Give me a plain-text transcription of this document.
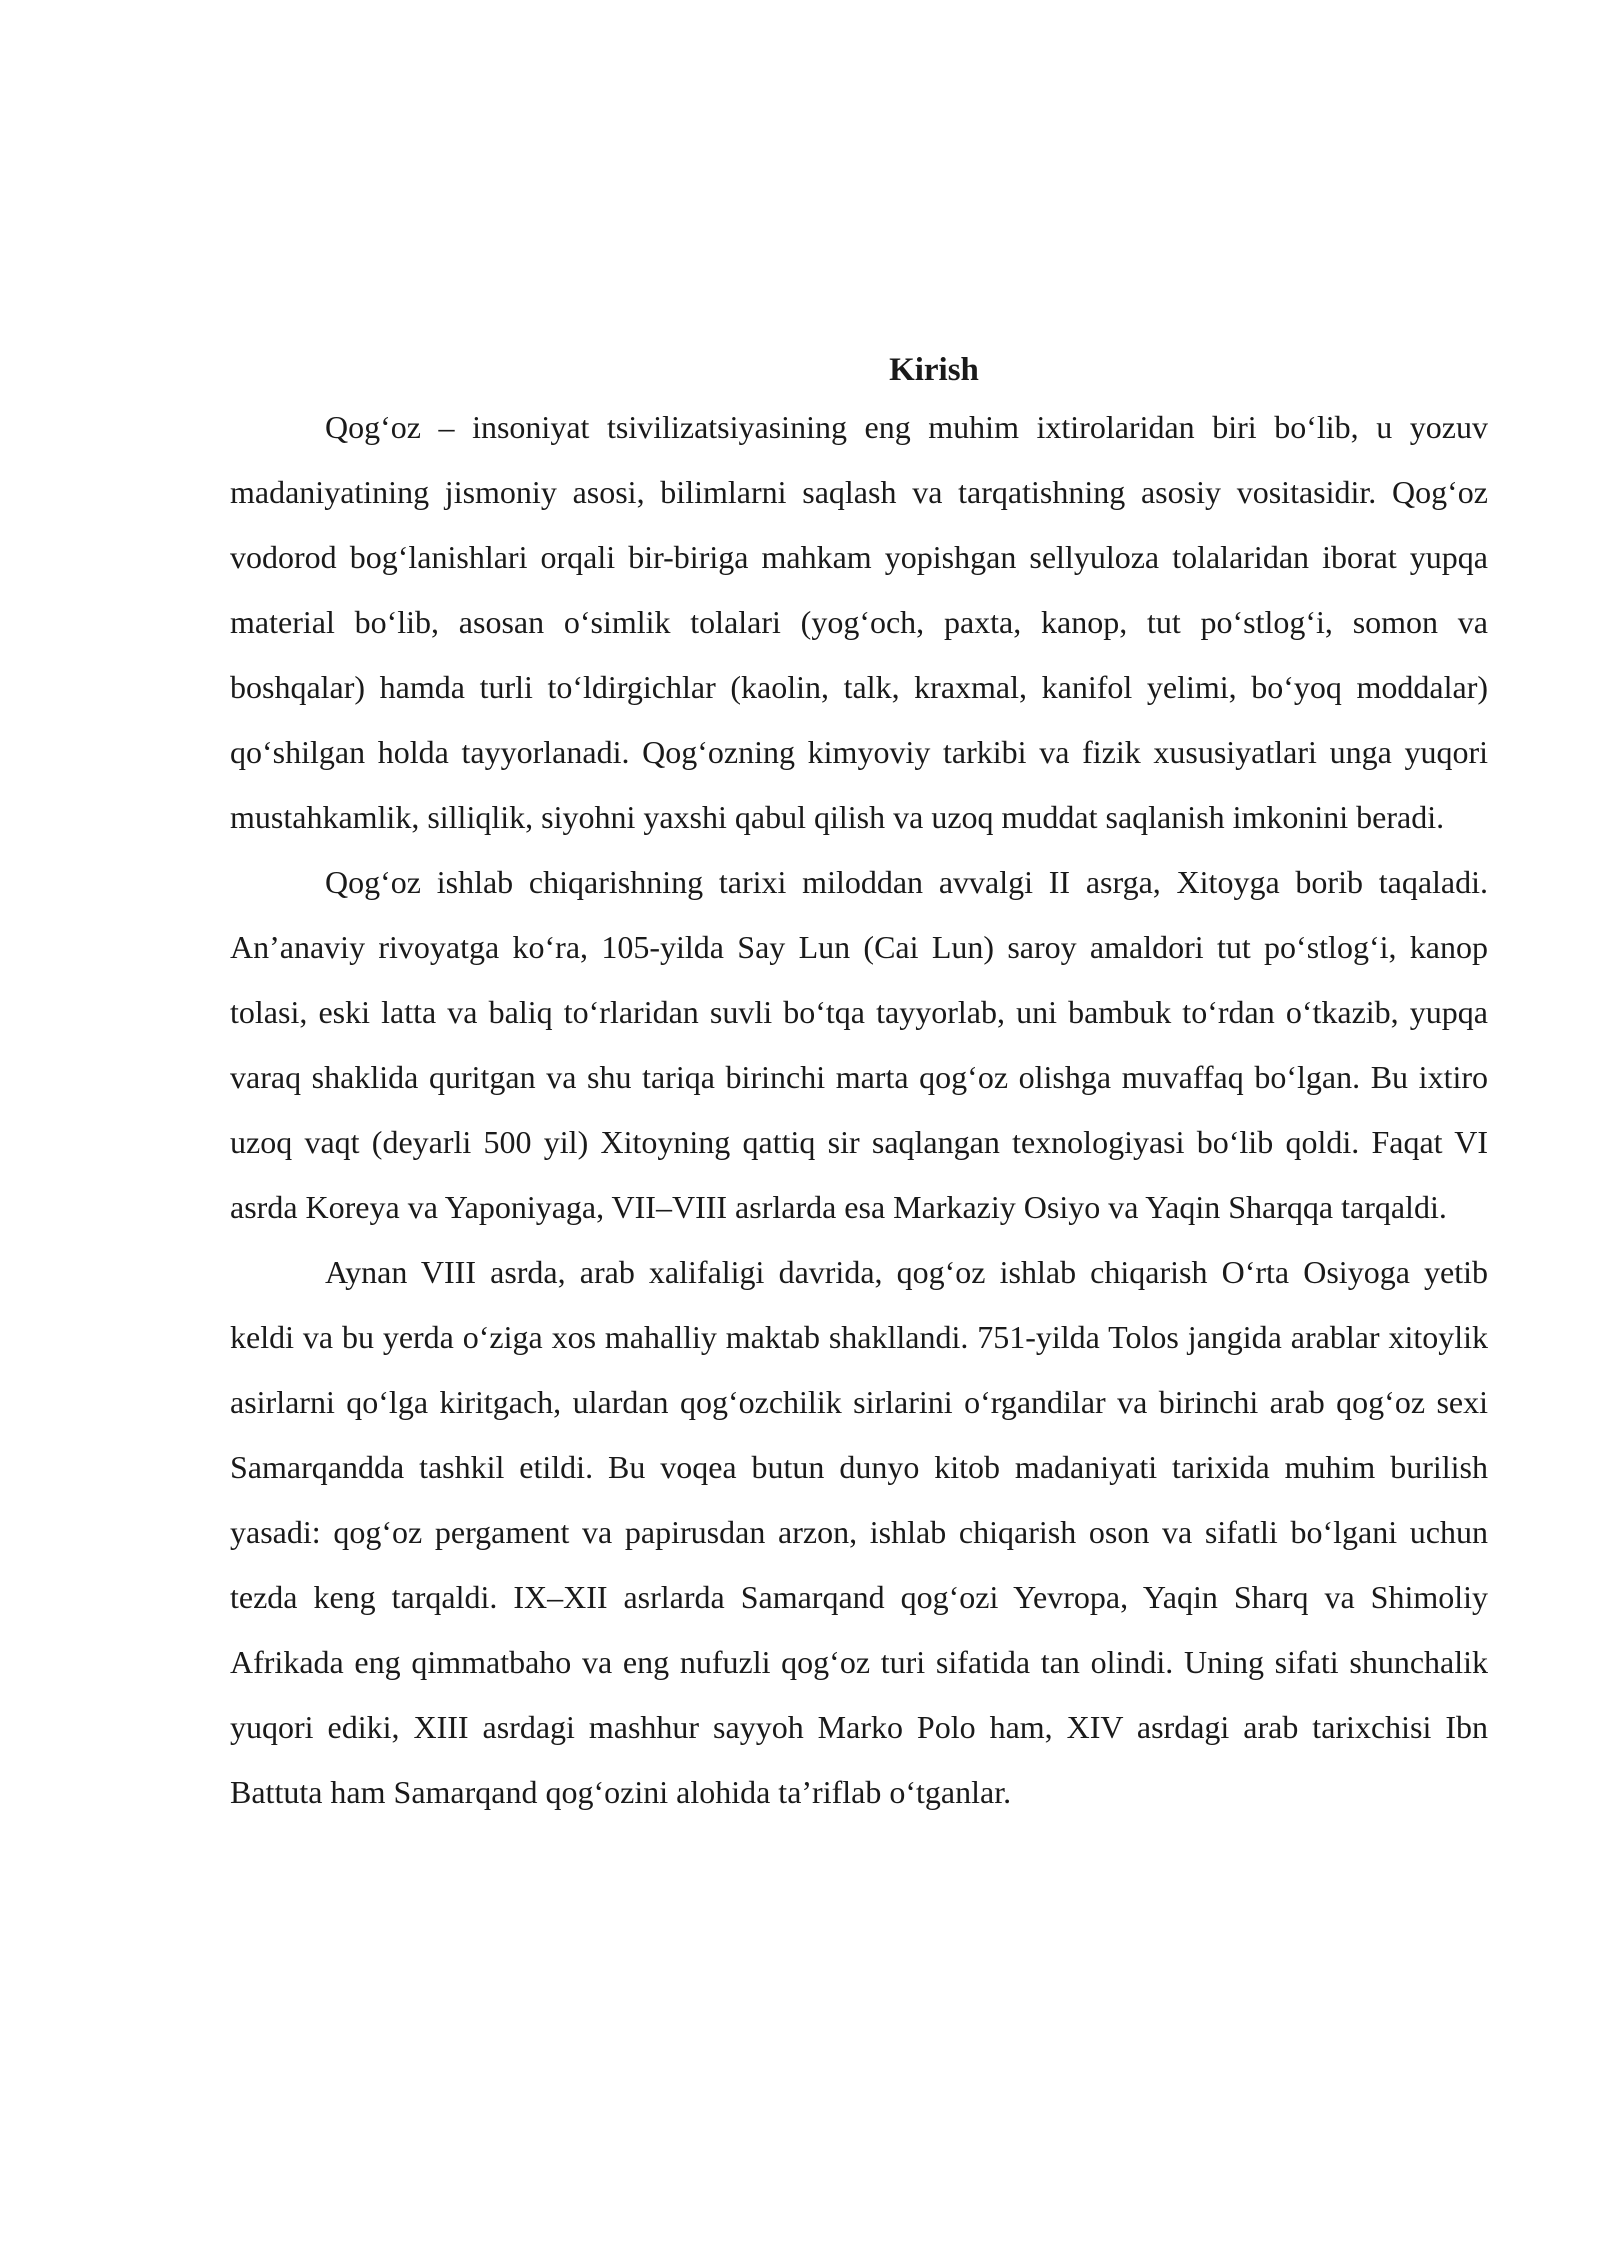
Kirish

Qog‘oz – insoniyat tsivilizatsiyasining eng muhim ixtirolaridan biri bo‘lib, u yozuv madaniyatining jismoniy asosi, bilimlarni saqlash va tarqatishning asosiy vositasidir. Qog‘oz vodorod bog‘lanishlari orqali bir-biriga mahkam yopishgan sellyuloza tolalaridan iborat yupqa material bo‘lib, asosan o‘simlik tolalari (yog‘och, paxta, kanop, tut po‘stlog‘i, somon va boshqalar) hamda turli to‘ldirgichlar (kaolin, talk, kraxmal, kanifol yelimi, bo‘yoq moddalar) qo‘shilgan holda tayyorlanadi. Qog‘ozning kimyoviy tarkibi va fizik xususiyatlari unga yuqori mustahkamlik, silliqlik, siyohni yaxshi qabul qilish va uzoq muddat saqlanish imkonini beradi.

Qog‘oz ishlab chiqarishning tarixi miloddan avvalgi II asrga, Xitoyga borib taqaladi. An’anaviy rivoyatga ko‘ra, 105-yilda Say Lun (Cai Lun) saroy amaldori tut po‘stlog‘i, kanop tolasi, eski latta va baliq to‘rlaridan suvli bo‘tqa tayyorlab, uni bambuk to‘rdan o‘tkazib, yupqa varaq shaklida quritgan va shu tariqa birinchi marta qog‘oz olishga muvaffaq bo‘lgan. Bu ixtiro uzoq vaqt (deyarli 500 yil) Xitoyning qattiq sir saqlangan texnologiyasi bo‘lib qoldi. Faqat VI asrda Koreya va Yaponiyaga, VII–VIII asrlarda esa Markaziy Osiyo va Yaqin Sharqqa tarqaldi.

Aynan VIII asrda, arab xalifaligi davrida, qog‘oz ishlab chiqarish O‘rta Osiyoga yetib keldi va bu yerda o‘ziga xos mahalliy maktab shakllandi. 751-yilda Tolos jangida arablar xitoylik asirlarni qo‘lga kiritgach, ulardan qog‘ozchilik sirlarini o‘rgandilar va birinchi arab qog‘oz sexi Samarqandda tashkil etildi. Bu voqea butun dunyo kitob madaniyati tarixida muhim burilish yasadi: qog‘oz pergament va papirusdan arzon, ishlab chiqarish oson va sifatli bo‘lgani uchun tezda keng tarqaldi. IX–XII asrlarda Samarqand qog‘ozi Yevropa, Yaqin Sharq va Shimoliy Afrikada eng qimmatbaho va eng nufuzli qog‘oz turi sifatida tan olindi. Uning sifati shunchalik yuqori ediki, XIII asrdagi mashhur sayyoh Marko Polo ham, XIV asrdagi arab tarixchisi Ibn Battuta ham Samarqand qog‘ozini alohida ta’riflab o‘tganlar.
